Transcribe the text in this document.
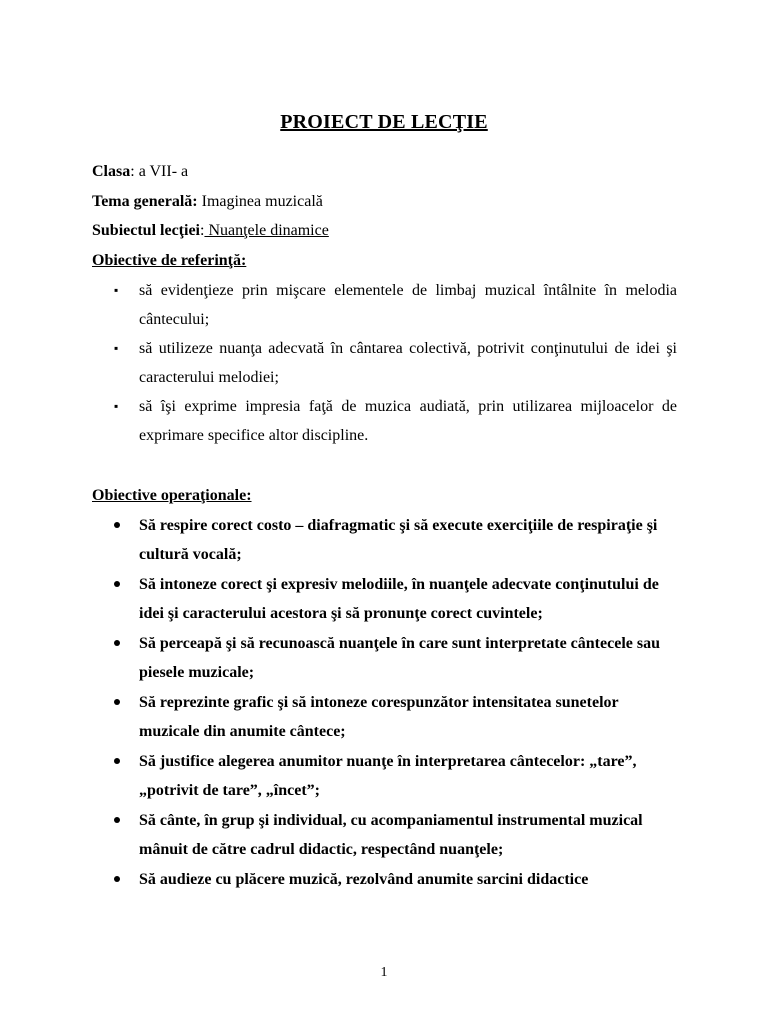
PROIECT DE LECŢIE
Clasa: a VII- a
Tema generală: Imaginea muzicală
Subiectul lecţiei: Nuanţele dinamice
Obiective de referinţă:
▪ să evidenţieze prin mişcare elementele de limbaj muzical întâlnite în melodia cântecului;
▪ să utilizeze nuanţa adecvată în cântarea colectivă, potrivit conţinutului de idei şi caracterului melodiei;
▪ să îşi exprime impresia faţă de muzica audiată, prin utilizarea mijloacelor de exprimare specifice altor discipline.
Obiective operaţionale:
Să respire corect costo – diafragmatic şi să execute exerciţiile de respiraţie şi cultură vocală;
Să intoneze corect şi expresiv melodiile, în nuanţele adecvate conţinutului de idei şi caracterului acestora şi să pronunţe corect cuvintele;
Să perceapă şi să recunoască nuanţele în care sunt interpretate cântecele sau piesele muzicale;
Să reprezinte grafic şi să intoneze corespunzător intensitatea sunetelor muzicale din anumite cântece;
Să justifice alegerea anumitor nuanţe în interpretarea cântecelor: „tare”, „potrivit de tare”, „încet”;
Să cânte, în grup şi individual, cu acompaniamentul instrumental muzical mânuit de către cadrul didactic, respectând nuanţele;
Să audieze cu plăcere muzică, rezolvând anumite sarcini didactice
1
